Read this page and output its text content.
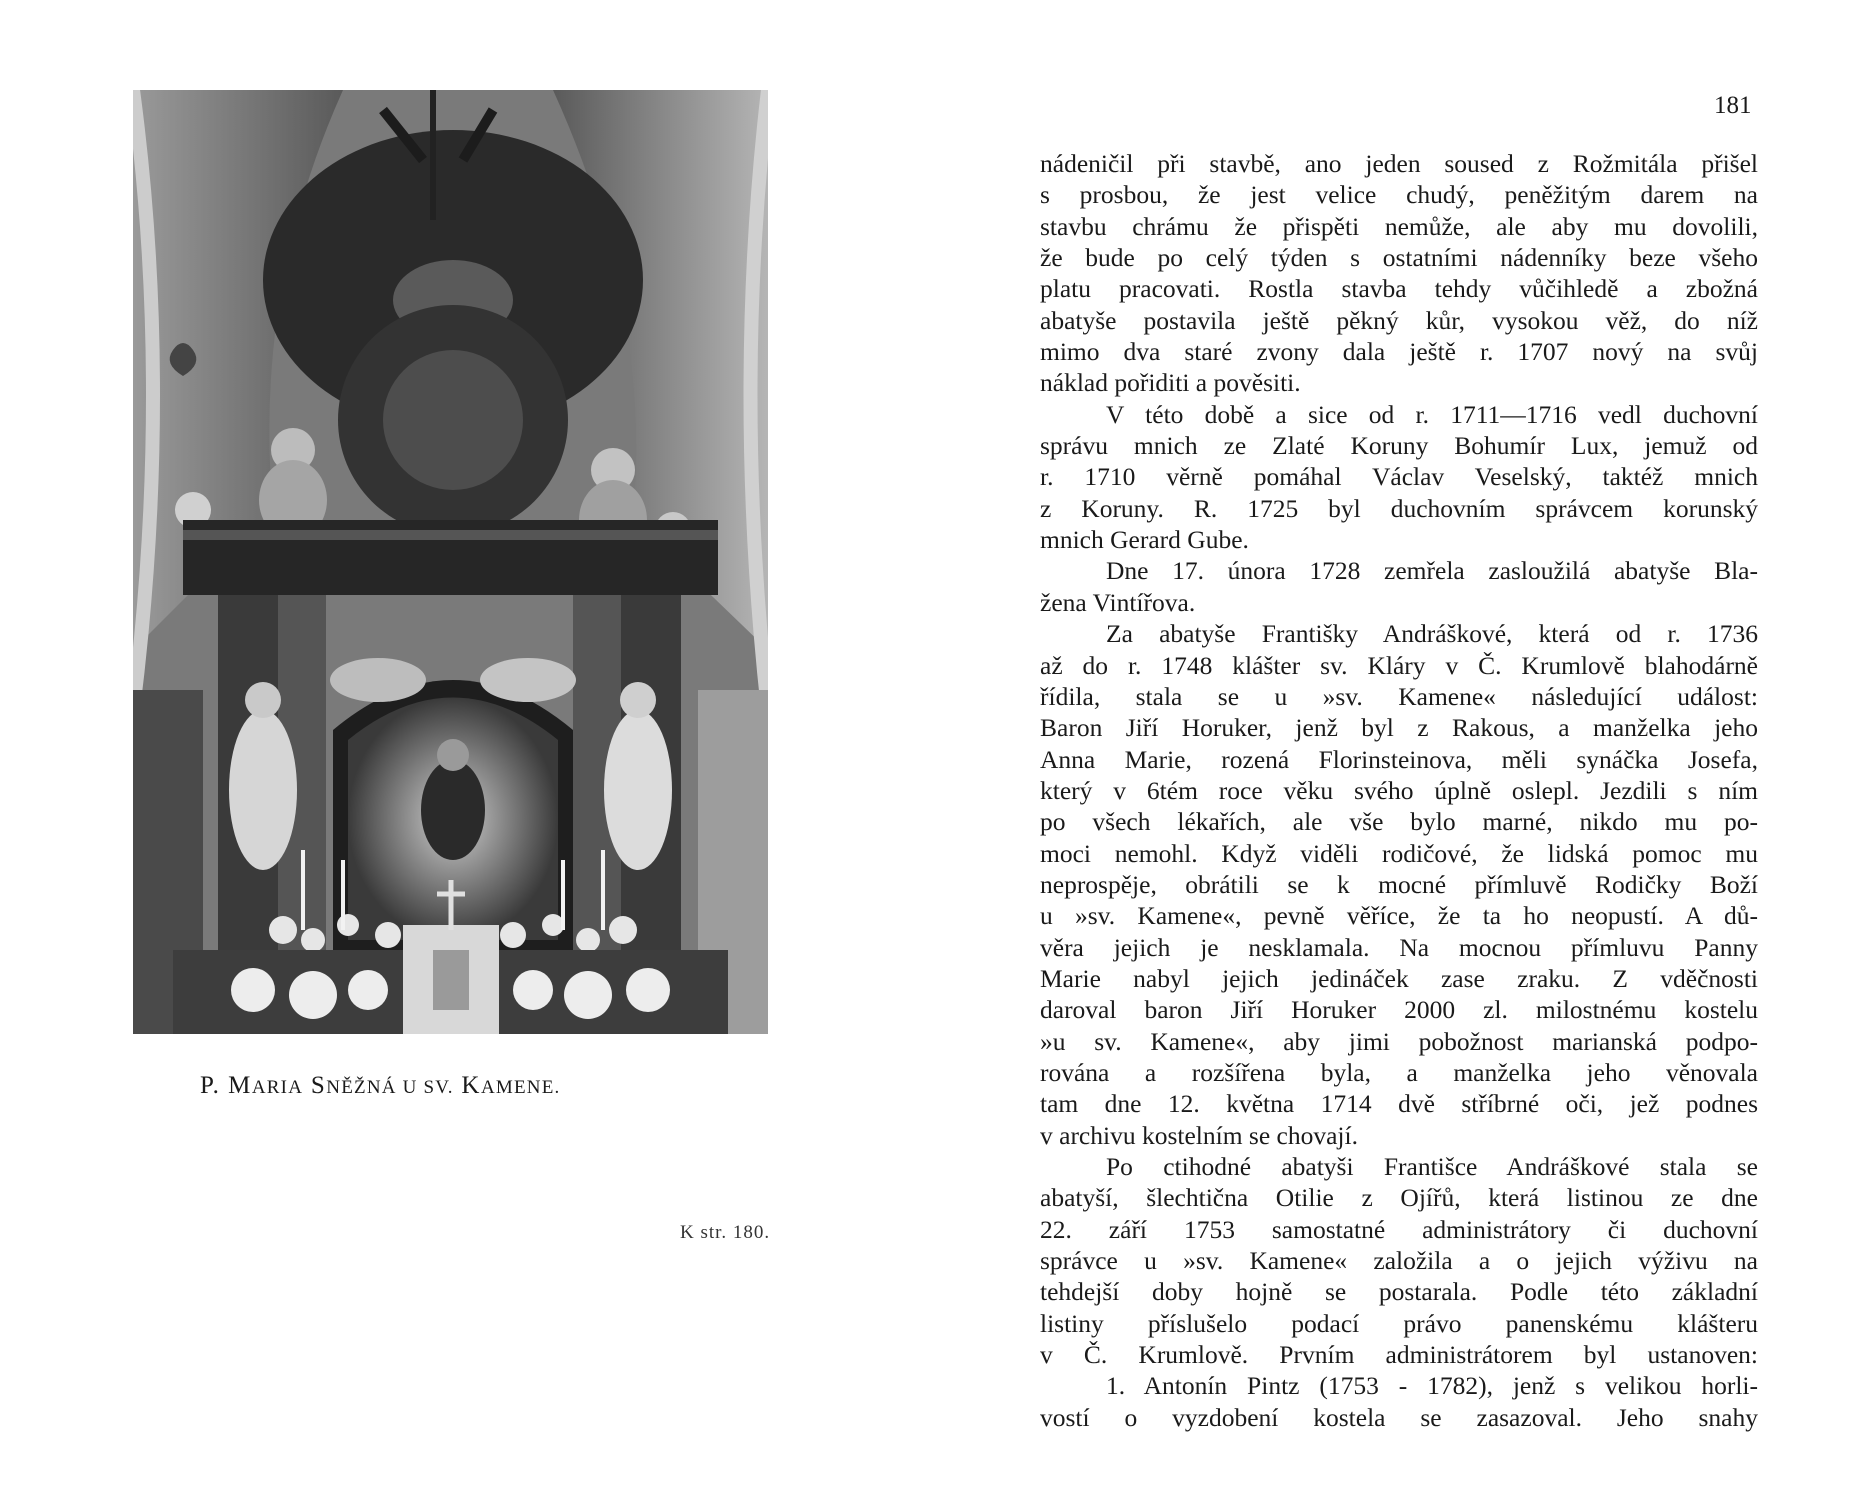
P. MARIA SNĚŽNÁ U SV. KAMENE.
K str. 180.
181
nádeničil při stavbě, ano jeden soused z Rožmitála přišel
s prosbou, že jest velice chudý, peněžitým darem na
stavbu chrámu že přispěti nemůže, ale aby mu dovolili,
že bude po celý týden s ostatními nádenníky beze všeho
platu pracovati. Rostla stavba tehdy vůčihledě a zbožná
abatyše postavila ještě pěkný kůr, vysokou věž, do níž
mimo dva staré zvony dala ještě r. 1707 nový na svůj
náklad pořiditi a pověsiti.
V této době a sice od r. 1711—1716 vedl duchovní
správu mnich ze Zlaté Koruny Bohumír Lux, jemuž od
r. 1710 věrně pomáhal Václav Veselský, taktéž mnich
z Koruny. R. 1725 byl duchovním správcem korunský
mnich Gerard Gube.
Dne 17. února 1728 zemřela zasloužilá abatyše Bla-
žena Vintířova.
Za abatyše Františky Andráškové, která od r. 1736
až do r. 1748 klášter sv. Kláry v Č. Krumlově blahodárně
řídila, stala se u »sv. Kamene« následující událost:
Baron Jiří Horuker, jenž byl z Rakous, a manželka jeho
Anna Marie, rozená Florinsteinova, měli synáčka Josefa,
který v 6tém roce věku svého úplně oslepl. Jezdili s ním
po všech lékařích, ale vše bylo marné, nikdo mu po-
moci nemohl. Když viděli rodičové, že lidská pomoc mu
neprospěje, obrátili se k mocné přímluvě Rodičky Boží
u »sv. Kamene«, pevně věříce, že ta ho neopustí. A dů-
věra jejich je nesklamala. Na mocnou přímluvu Panny
Marie nabyl jejich jedináček zase zraku. Z vděčnosti
daroval baron Jiří Horuker 2000 zl. milostnému kostelu
»u sv. Kamene«, aby jimi pobožnost marianská podpo-
rována a rozšířena byla, a manželka jeho věnovala
tam dne 12. května 1714 dvě stříbrné oči, jež podnes
v archivu kostelním se chovají.
Po ctihodné abatyši Františce Andráškové stala se
abatyší, šlechtična Otilie z Ojířů, která listinou ze dne
22. září 1753 samostatné administrátory či duchovní
správce u »sv. Kamene« založila a o jejich výživu na
tehdejší doby hojně se postarala. Podle této základní
listiny příslušelo podací právo panenskému klášteru
v Č. Krumlově. Prvním administrátorem byl ustanoven:
1. Antonín Pintz (1753 - 1782), jenž s velikou horli-
vostí o vyzdobení kostela se zasazoval. Jeho snahy
